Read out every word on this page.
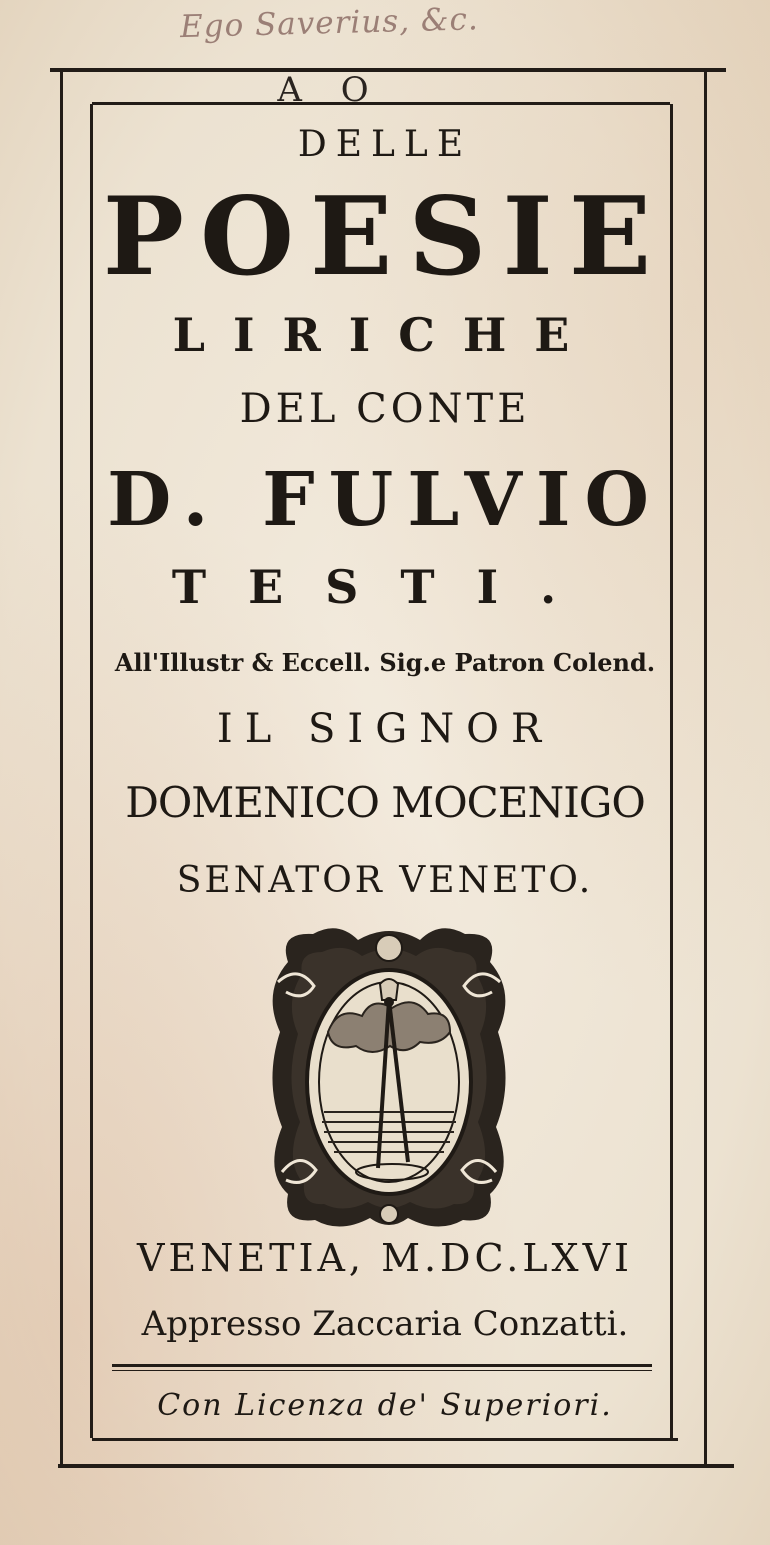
Ego Saverius, &c.
A O
DELLE
POESIE
LIRICHE
DEL CONTE
D. FULVIO
TESTI.
All'Illustr & Eccell. Sig.e Patron Colend.
IL SIGNOR
DOMENICO MOCENIGO
SENATOR VENETO.
VENETIA, M.DC.LXVI
Appresso Zaccaria Conzatti.
Con Licenza de' Superiori.
